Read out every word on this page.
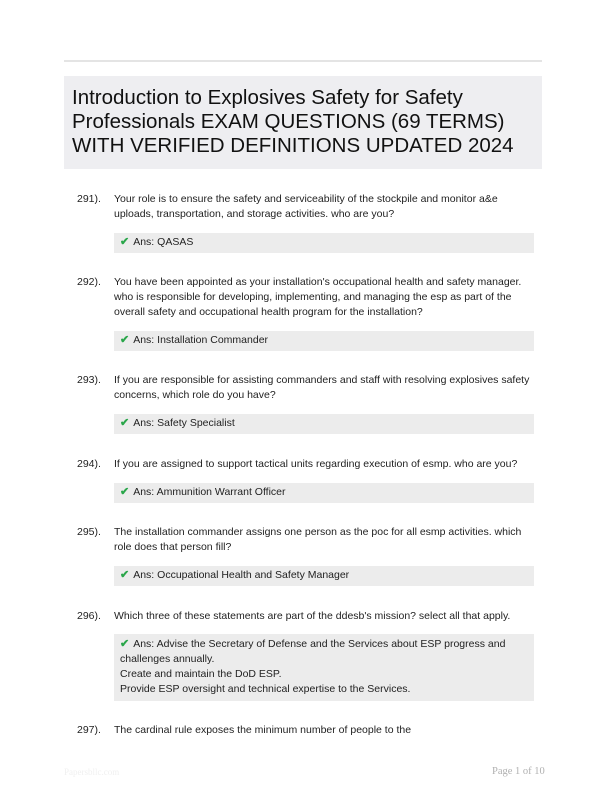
Introduction to Explosives Safety for Safety Professionals EXAM QUESTIONS (69 TERMS) WITH VERIFIED DEFINITIONS UPDATED 2024
291). Your role is to ensure the safety and serviceability of the stockpile and monitor a&e uploads, transportation, and storage activities. who are you?
✔ Ans: QASAS
292). You have been appointed as your installation's occupational health and safety manager. who is responsible for developing, implementing, and managing the esp as part of the overall safety and occupational health program for the installation?
✔ Ans: Installation Commander
293). If you are responsible for assisting commanders and staff with resolving explosives safety concerns, which role do you have?
✔ Ans: Safety Specialist
294). If you are assigned to support tactical units regarding execution of esmp. who are you?
✔ Ans: Ammunition Warrant Officer
295). The installation commander assigns one person as the poc for all esmp activities. which role does that person fill?
✔ Ans: Occupational Health and Safety Manager
296). Which three of these statements are part of the ddesb's mission? select all that apply.
✔ Ans: Advise the Secretary of Defense and the Services about ESP progress and challenges annually.
Create and maintain the DoD ESP.
Provide ESP oversight and technical expertise to the Services.
297). The cardinal rule exposes the minimum number of people to the
Papersbllc.com	Page 1 of 10
